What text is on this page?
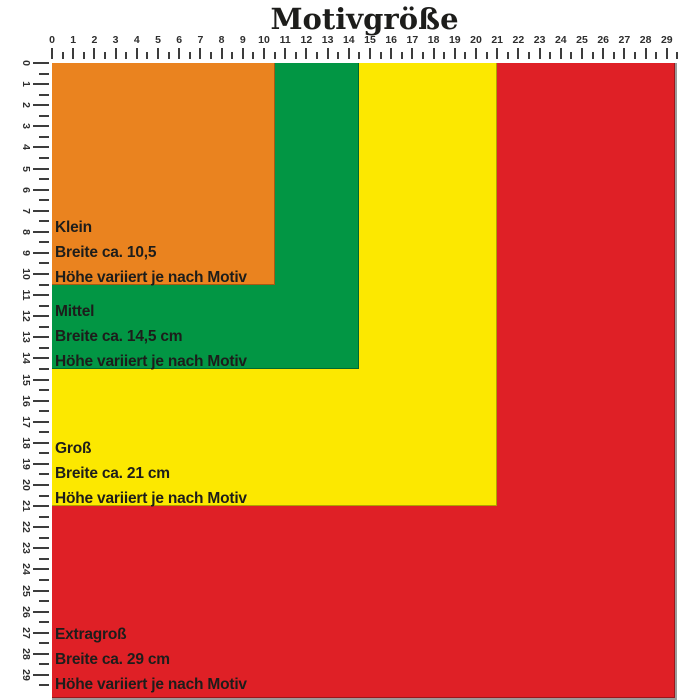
Motivgröße
0	1	2	3	4	5	6	7	8	9	10 11 12 13 14 15 16 17 18 19 20 21 22 23 24 25 26 27 28 29
0
1
2
3
4
5
6
7
8
9
10
11
12
13
14
15
16
17
18
19
20
21
22
23
24
25
26
27
28
29
Extragroß
Breite ca. 29 cm
Höhe variiert je nach Motiv
Groß
Breite ca. 21 cm
Höhe variiert je nach Motiv
Mittel
Breite ca. 14,5 cm
Höhe variiert je nach Motiv
Klein
Breite ca. 10,5
Höhe variiert je nach Motiv
